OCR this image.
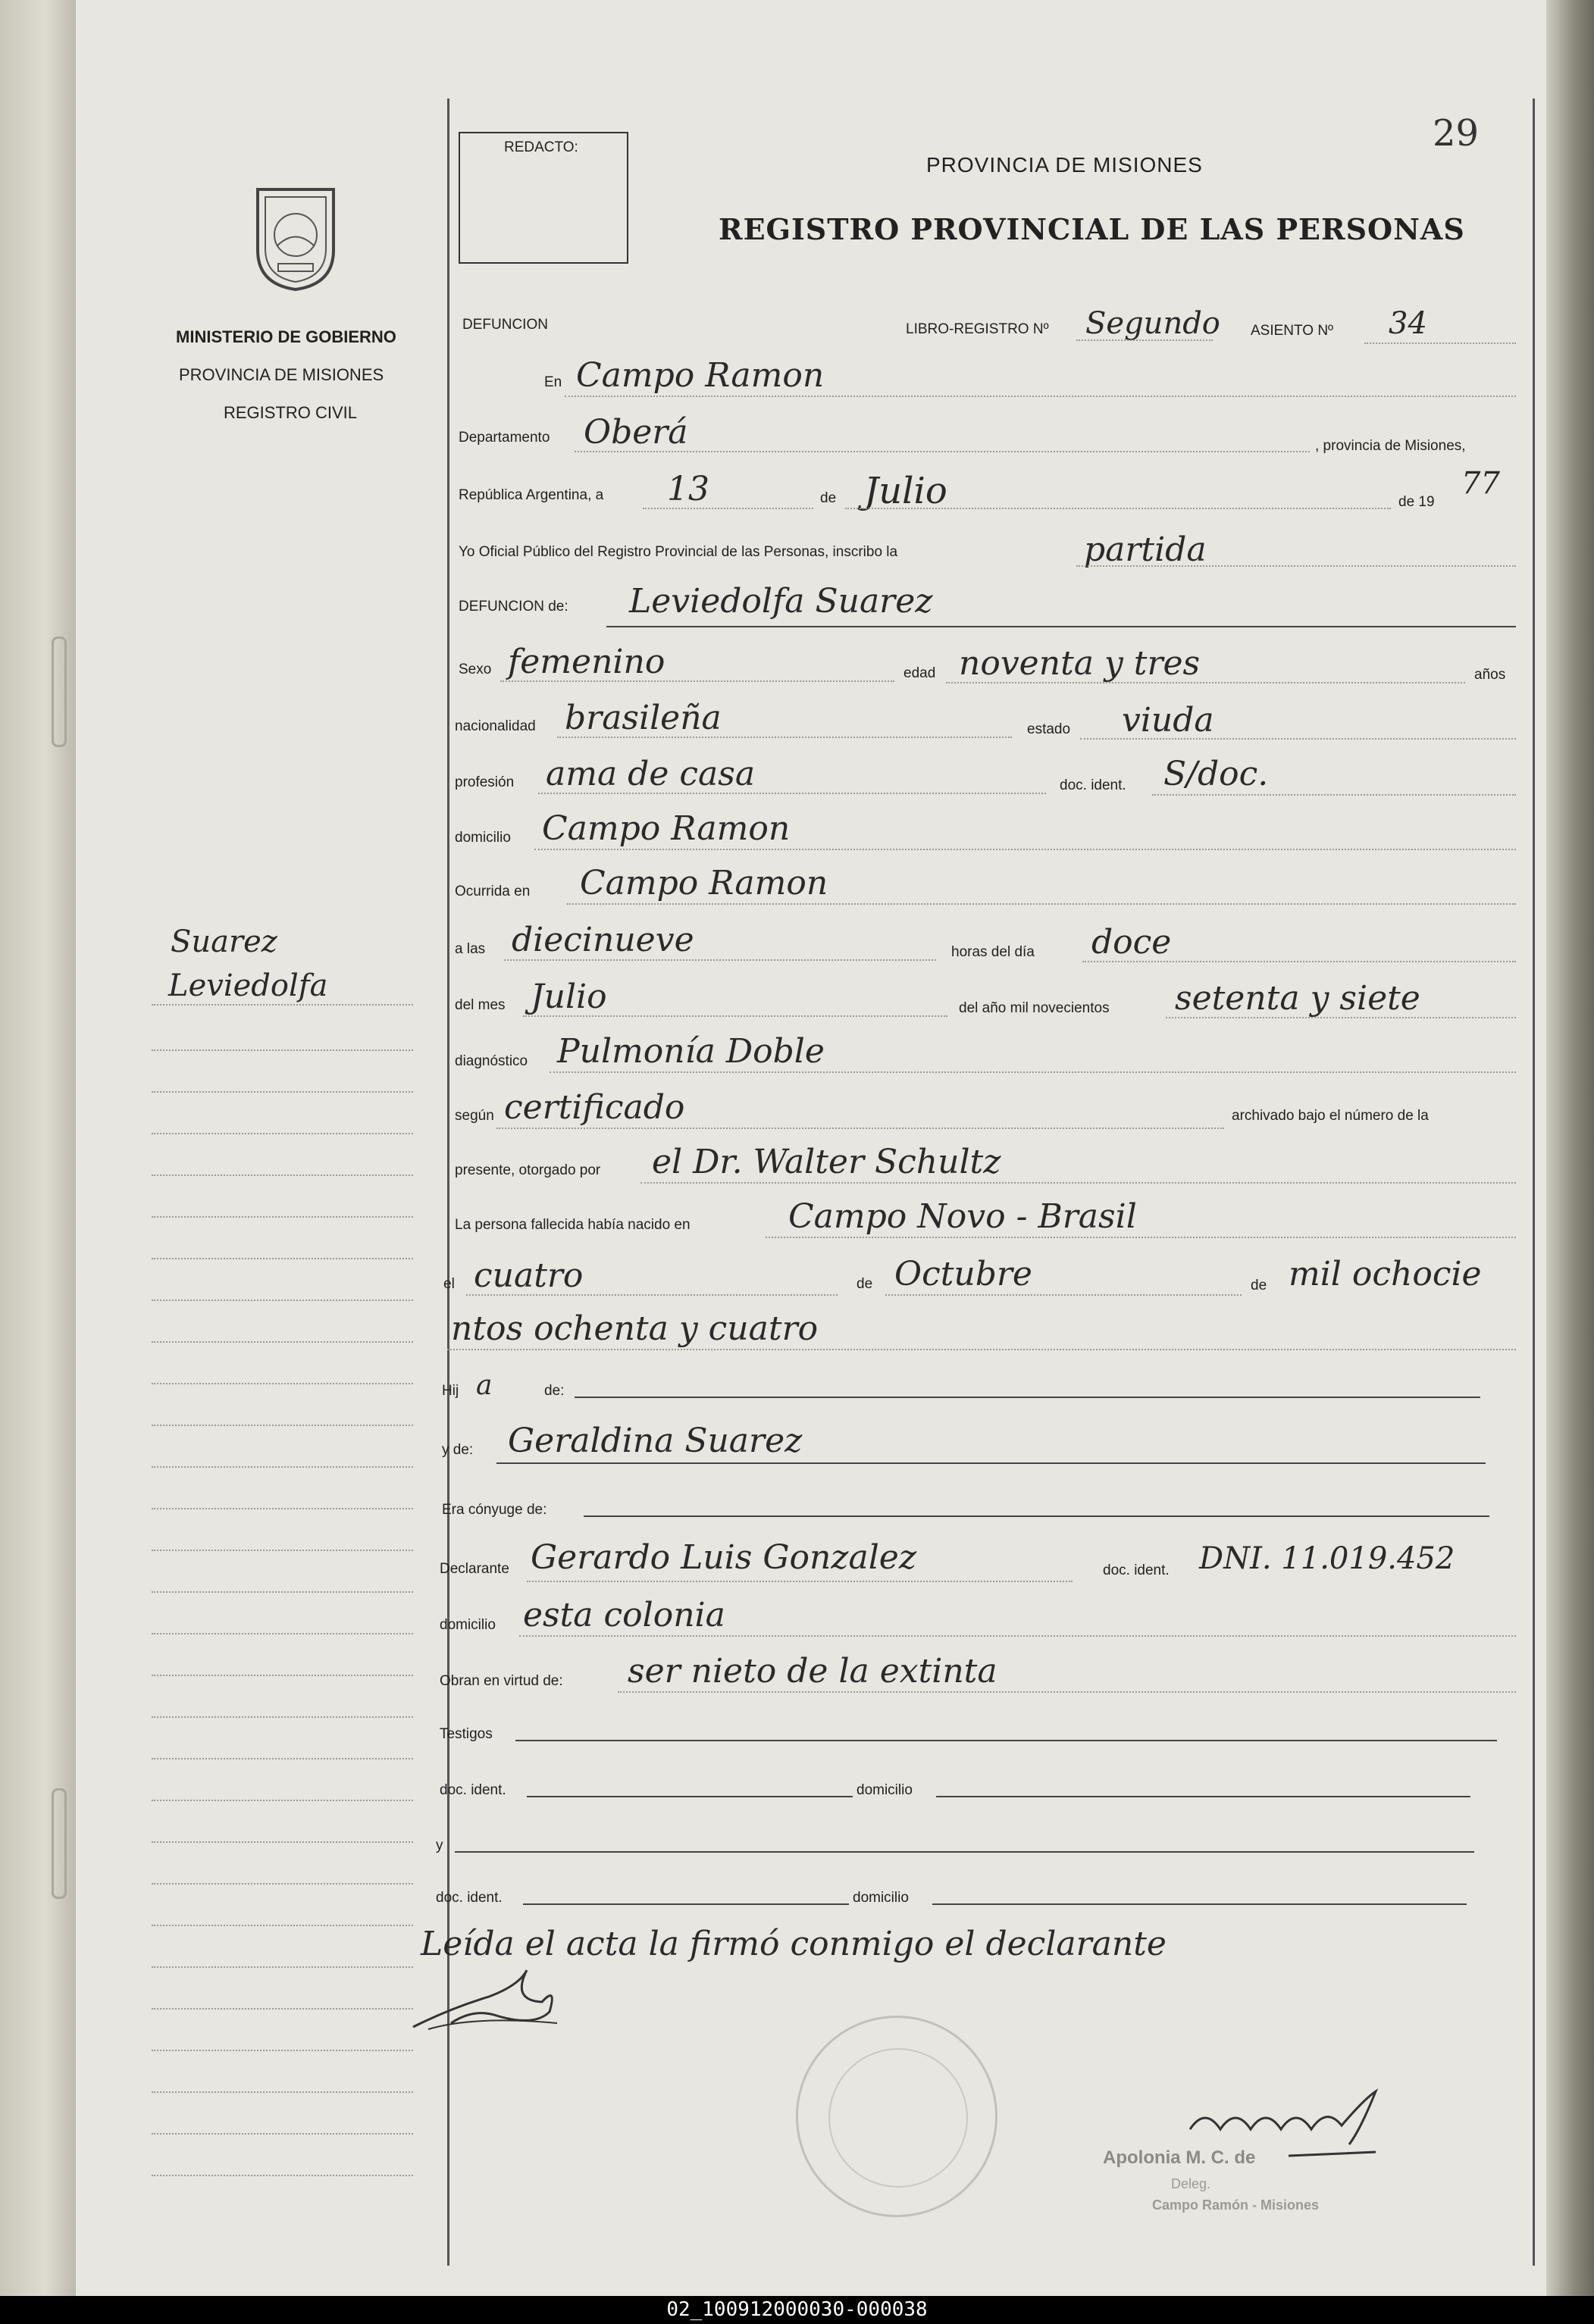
29
REDACTO:
PROVINCIA DE MISIONES
REGISTRO PROVINCIAL DE LAS PERSONAS
MINISTERIO DE GOBIERNO
PROVINCIA DE MISIONES
REGISTRO CIVIL
Suarez
Leviedolfa
DEFUNCION	LIBRO-REGISTRO Nº Segundo ASIENTO Nº 34
En Campo Ramon
Departamento Oberá	, provincia de Misiones,
República Argentina, a 13	de Julio	de 19
77
Yo Oficial Público del Registro Provincial de las Personas, inscribo la	partida
DEFUNCION de: Leviedolfa Suarez
Sexo femenino	edad noventa y tres	años
nacionalidad brasileña	estado viuda
profesión ama de casa	doc. ident. S/doc.
domicilio Campo Ramon
Ocurrida en Campo Ramon
a las diecinueve	horas del día doce
del mes Julio	del año mil novecientos setenta y siete
diagnóstico Pulmonía Doble
según certificado	archivado bajo el número de la
presente, otorgado por el Dr. Walter Schultz
La persona fallecida había nacido en	Campo Novo - Brasil
el cuatro	de Octubre	de mil ochocie
ntos ochenta y cuatro
Hij a	de:
y de: Geraldina Suarez
Era cónyuge de:
Declarante Gerardo Luis Gonzalez	doc. ident. DNI. 11.019.452
domicilio esta colonia
Obran en virtud de: ser nieto de la extinta
Testigos
doc. ident.	domicilio
y
doc. ident.	domicilio
Leída el acta la firmó conmigo el declarante
Apolonia M. C. de
Deleg.
Campo Ramón - Misiones
02_100912000030-000038
